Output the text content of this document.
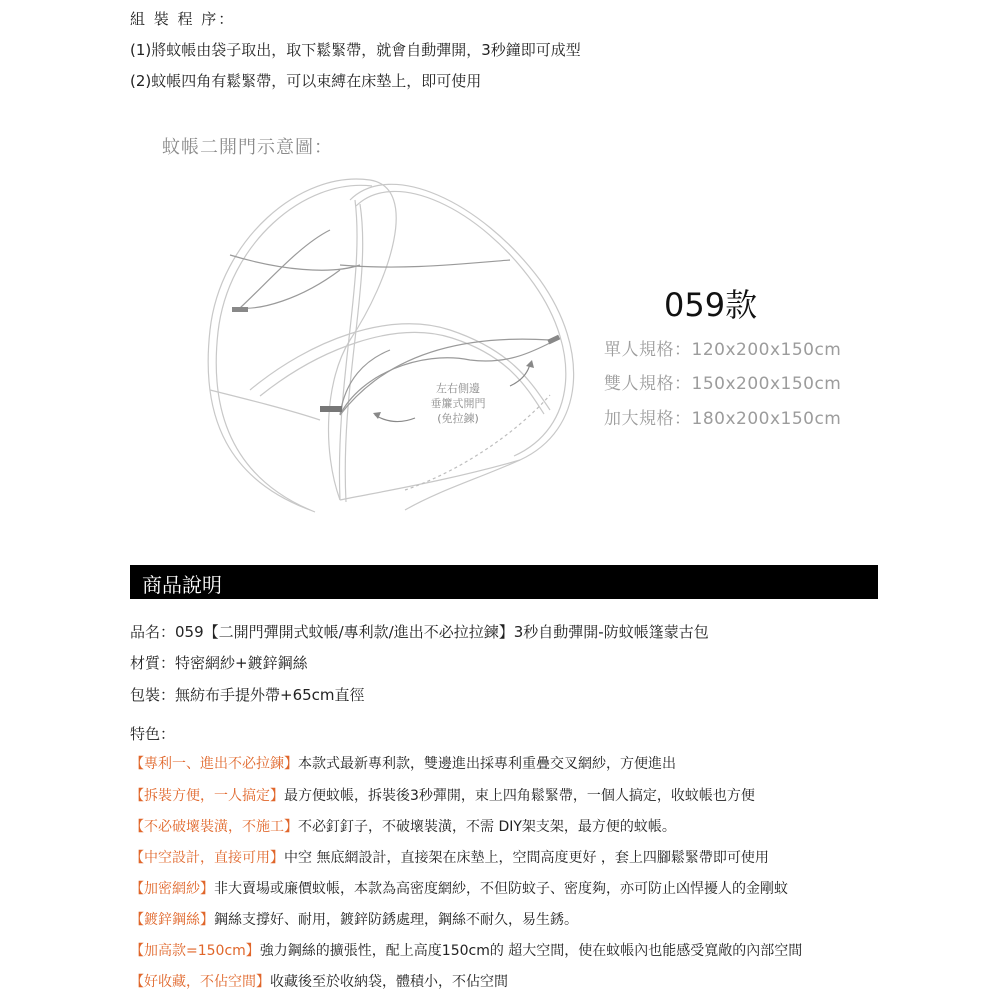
組 裝 程 序：
(1)將蚊帳由袋子取出，取下鬆緊帶，就會自動彈開，3秒鐘即可成型
(2)蚊帳四角有鬆緊帶，可以束縛在床墊上，即可使用
蚊帳二開門示意圖：
左右側邊
垂簾式開門
(免拉鍊)
059款
單人規格：120x200x150cm
雙人規格：150x200x150cm
加大規格：180x200x150cm
商品說明
品名：059【二開門彈開式蚊帳/專利款/進出不必拉拉鍊】3秒自動彈開-防蚊帳篷蒙古包
材質：特密網紗+鍍鋅鋼絲
包裝：無紡布手提外帶+65cm直徑
特色：
【專利一、進出不必拉鍊】本款式最新專利款，雙邊進出採專利重疊交叉網紗，方便進出
【拆裝方便，一人搞定】最方便蚊帳，拆裝後3秒彈開，束上四角鬆緊帶，一個人搞定，收蚊帳也方便
【不必破壞裝潢，不施工】不必釘釘子，不破壞裝潢，不需 DIY架支架，最方便的蚊帳。
【中空設計，直接可用】中空 無底網設計，直接架在床墊上，空間高度更好 ，套上四腳鬆緊帶即可使用
【加密網紗】非大賣場或廉價蚊帳，本款為高密度網紗，不但防蚊子、密度夠，亦可防止凶悍擾人的金剛蚊
【鍍鋅鋼絲】鋼絲支撐好、耐用，鍍鋅防銹處理，鋼絲不耐久，易生銹。
【加高款=150cm】強力鋼絲的擴張性，配上高度150cm的 超大空間，使在蚊帳內也能感受寬敞的內部空間
【好收藏，不佔空間】收藏後至於收納袋，體積小，不佔空間
